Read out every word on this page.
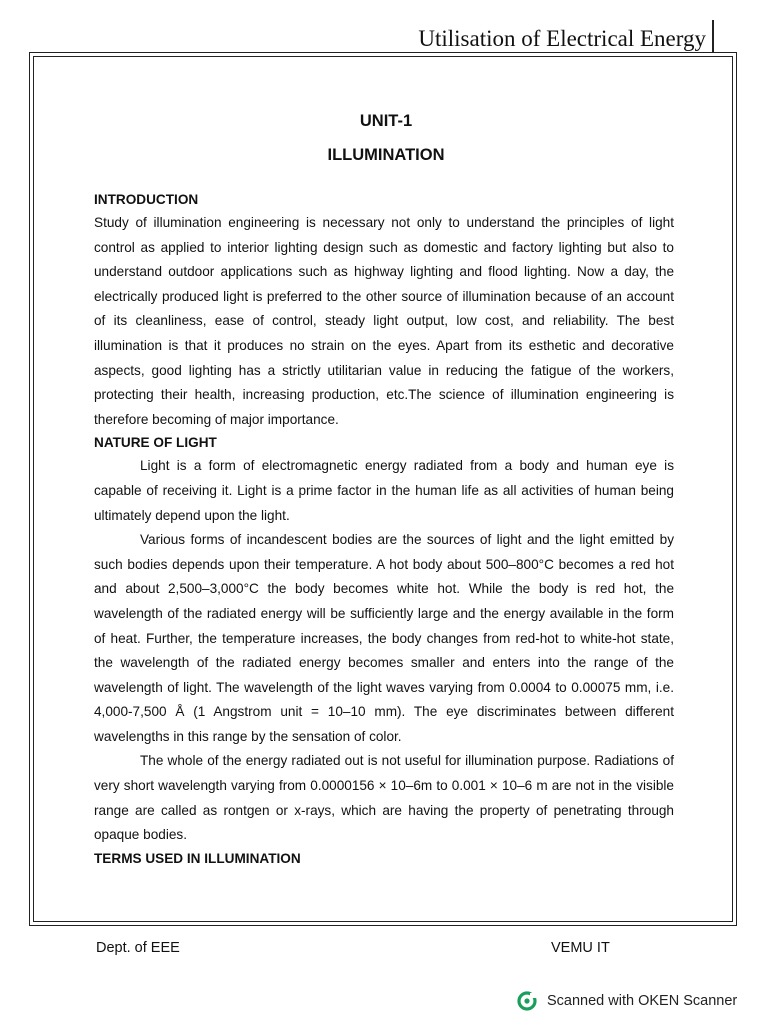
Utilisation of Electrical Energy
UNIT-1
ILLUMINATION
INTRODUCTION

Study of illumination engineering is necessary not only to understand the principles of light control as applied to interior lighting design such as domestic and factory lighting but also to understand outdoor applications such as highway lighting and flood lighting. Now a day, the electrically produced light is preferred to the other source of illumination because of an account of its cleanliness, ease of control, steady light output, low cost, and reliability. The best illumination is that it produces no strain on the eyes. Apart from its esthetic and decorative aspects, good lighting has a strictly utilitarian value in reducing the fatigue of the workers, protecting their health, increasing production, etc.The science of illumination engineering is therefore becoming of major importance.

NATURE OF LIGHT

Light is a form of electromagnetic energy radiated from a body and human eye is capable of receiving it. Light is a prime factor in the human life as all activities of human being ultimately depend upon the light.

Various forms of incandescent bodies are the sources of light and the light emitted by such bodies depends upon their temperature. A hot body about 500–800°C becomes a red hot and about 2,500–3,000°C the body becomes white hot. While the body is red hot, the wavelength of the radiated energy will be sufficiently large and the energy available in the form of heat. Further, the temperature increases, the body changes from red-hot to white-hot state, the wavelength of the radiated energy becomes smaller and enters into the range of the wavelength of light. The wavelength of the light waves varying from 0.0004 to 0.00075 mm, i.e. 4,000-7,500 Å (1 Angstrom unit = 10–10 mm). The eye discriminates between different wavelengths in this range by the sensation of color.

The whole of the energy radiated out is not useful for illumination purpose. Radiations of very short wavelength varying from 0.0000156 × 10–6m to 0.001 × 10–6 m are not in the visible range are called as rontgen or x-rays, which are having the property of penetrating through opaque bodies.

TERMS USED IN ILLUMINATION
Dept. of EEE	VEMU IT
Scanned with OKEN Scanner
